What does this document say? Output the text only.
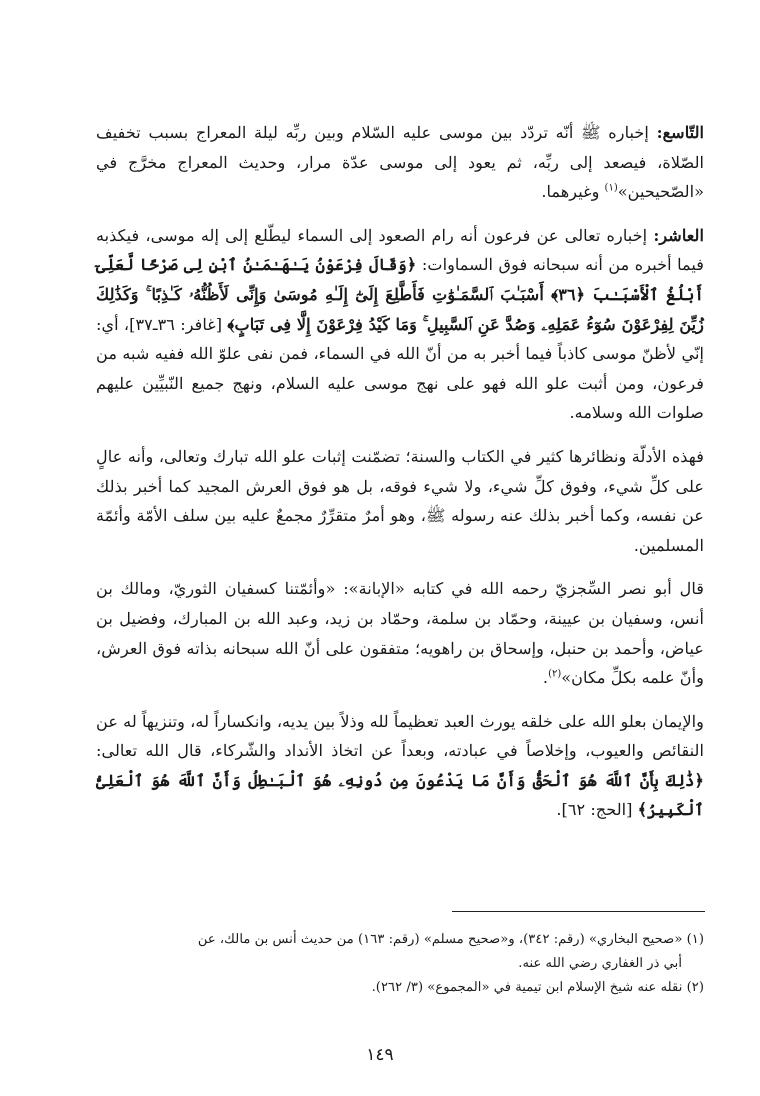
التّاسع: إخباره ﷺ أنّه تردّد بين موسى عليه السّلام وبين ربِّه ليلة المعراج بسبب تخفيف الصّلاة، فيصعد إلى ربِّه، ثم يعود إلى موسى عدّة مرار، وحديث المعراج مخرَّج في «الصّحيحين»$^{(١)}$ وغيرهما.

العاشر: إخباره تعالى عن فرعون أنه رام الصعود إلى السماء ليطّلع إلى إله موسى، فيكذبه فيما أخبره من أنه سبحانه فوق السماوات: ﴿وَقَالَ فِرْعَوْنُ يَـٰهَـٰمَـٰنُ ٱبْنِ لِى صَرْحًا لَّعَلِّىٓ أَبْلُغُ ٱلْأَسْبَـٰبَ ﴿٣٦﴾ أَسْبَـٰبَ ٱلسَّمَـٰوَٰتِ فَأَطَّلِعَ إِلَىٰٓ إِلَـٰهِ مُوسَىٰ وَإِنِّى لَأَظُنُّهُۥ كَـٰذِبًا ۚ وَكَذَٰلِكَ زُيِّنَ لِفِرْعَوْنَ سُوٓءُ عَمَلِهِۦ وَصُدَّ عَنِ ٱلسَّبِيلِ ۚ وَمَا كَيْدُ فِرْعَوْنَ إِلَّا فِى تَبَابٍ﴾ [غافر: ٣٦ـ٣٧]، أي: إنّي لأظنّ موسى كاذباً فيما أخبر به من أنّ الله في السماء، فمن نفى علوّ الله ففيه شبه من فرعون، ومن أثبت علو الله فهو على نهج موسى عليه السلام، ونهج جميع النّبيِّين عليهم صلوات الله وسلامه.

فهذه الأدلّة ونظائرها كثير في الكتاب والسنة؛ تضمّنت إثبات علو الله تبارك وتعالى، وأنه عالٍ على كلِّ شيء، وفوق كلِّ شيء، ولا شيء فوقه، بل هو فوق العرش المجيد كما أخبر بذلك عن نفسه، وكما أخبر بذلك عنه رسوله ﷺ، وهو أمرٌ متقرِّرٌ مجمعٌ عليه بين سلف الأمّة وأئمّة المسلمين.

قال أبو نصر السِّجزيّ رحمه الله في كتابه «الإبانة»: «وأئمّتنا كسفيان الثوريّ، ومالك بن أنس، وسفيان بن عيينة، وحمّاد بن سلمة، وحمّاد بن زيد، وعبد الله بن المبارك، وفضيل بن عياض، وأحمد بن حنبل، وإسحاق بن راهويه؛ متفقون على أنّ الله سبحانه بذاته فوق العرش، وأنّ علمه بكلِّ مكان»$^{(٢)}$.

والإيمان بعلو الله على خلقه يورث العبد تعظيماً لله وذلاً بين يديه، وانكساراً له، وتنزيهاً له عن النقائص والعيوب، وإخلاصاً في عبادته، وبعداً عن اتخاذ الأنداد والشّركاء، قال الله تعالى: ﴿ذَٰلِكَ بِأَنَّ ٱللَّهَ هُوَ ٱلْحَقُّ وَأَنَّ مَا يَدْعُونَ مِن دُونِهِۦ هُوَ ٱلْبَـٰطِلُ وَأَنَّ ٱللَّهَ هُوَ ٱلْعَلِىُّ ٱلْكَبِيرُ﴾ [الحج: ٦٢].

(١) «صحيح البخاري» (رقم: ٣٤٢)، و«صحيح مسلم» (رقم: ١٦٣) من حديث أنس بن مالك، عن
أبي ذر الغفاري رضي الله عنه.

(٢) نقله عنه شيخ الإسلام ابن تيمية في «المجموع» (٣/ ٢٦٢).

١٤٩
